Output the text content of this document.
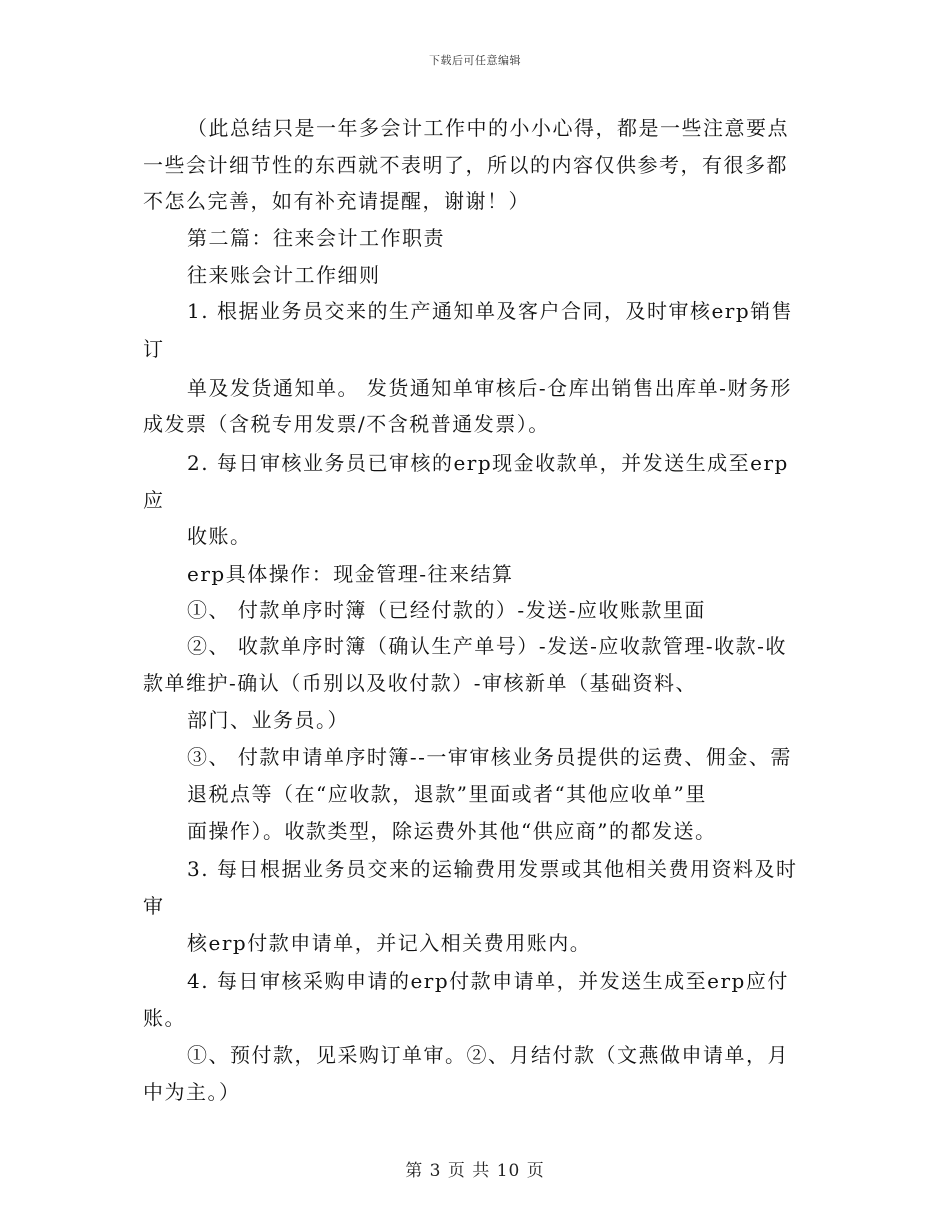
下载后可任意编辑
（此总结只是一年多会计工作中的小小心得，都是一些注意要点
一些会计细节性的东西就不表明了，所以的内容仅供参考，有很多都
不怎么完善，如有补充请提醒，谢谢！）
第二篇：往来会计工作职责
往来账会计工作细则
1. 根据业务员交来的生产通知单及客户合同，及时审核erp销售
订
单及发货通知单。 发货通知单审核后-仓库出销售出库单-财务形
成发票（含税专用发票/不含税普通发票）。
2. 每日审核业务员已审核的erp现金收款单，并发送生成至erp
应
收账。
erp具体操作：现金管理-往来结算
①、 付款单序时簿（已经付款的）-发送-应收账款里面
②、 收款单序时簿（确认生产单号）-发送-应收款管理-收款-收
款单维护-确认（币别以及收付款）-审核新单（基础资料、
部门、业务员。）
③、 付款申请单序时簿--一审审核业务员提供的运费、佣金、需
退税点等（在“应收款，退款”里面或者“其他应收单”里
面操作）。收款类型，除运费外其他“供应商”的都发送。
3. 每日根据业务员交来的运输费用发票或其他相关费用资料及时
审
核erp付款申请单，并记入相关费用账内。
4. 每日审核采购申请的erp付款申请单，并发送生成至erp应付
账。
①、预付款，见采购订单审。②、月结付款（文燕做申请单，月
中为主。）
第 3 页 共 10 页
